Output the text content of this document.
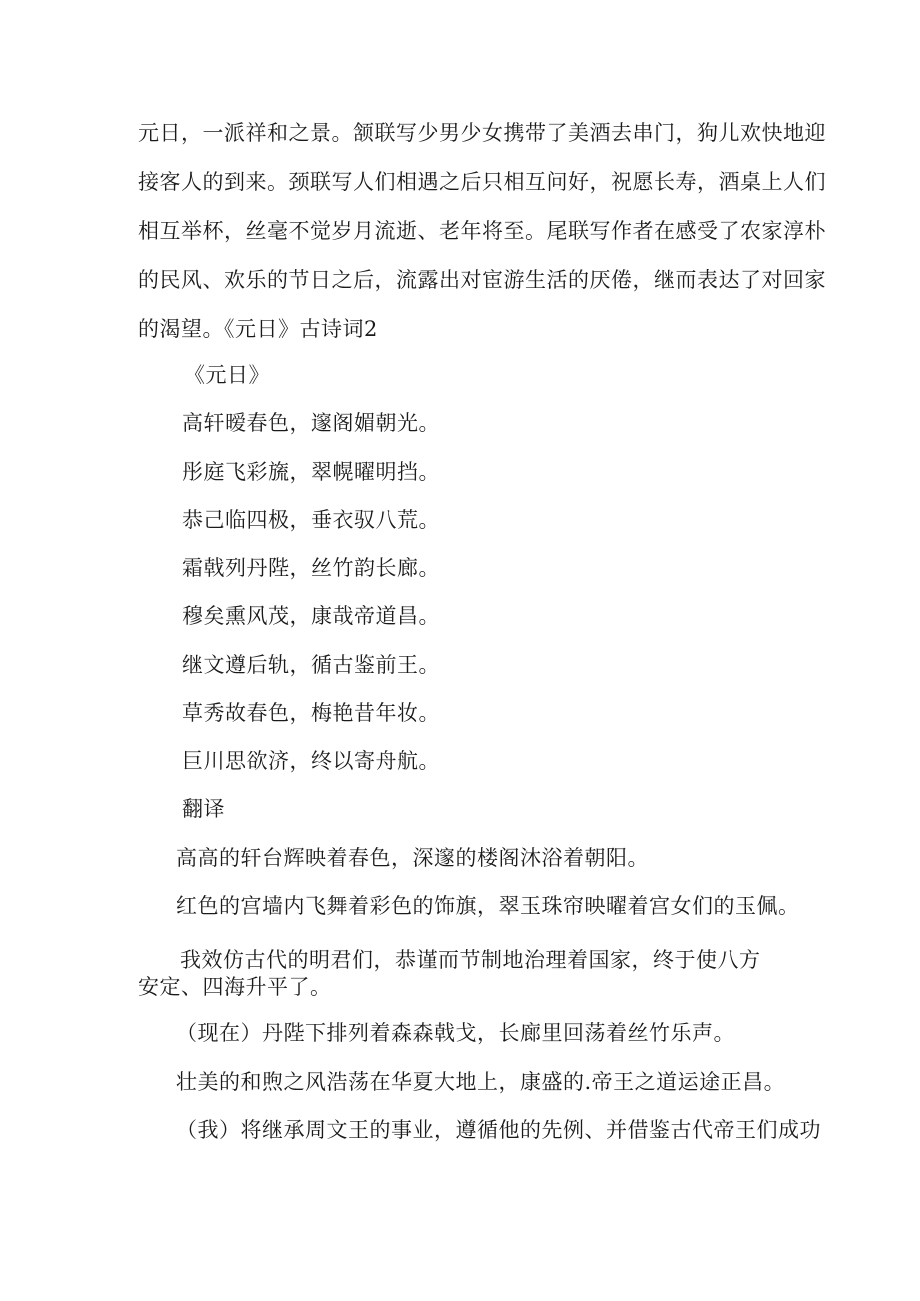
元日，一派祥和之景。颔联写少男少女携带了美酒去串门，狗儿欢快地迎

接客人的到来。颈联写人们相遇之后只相互问好，祝愿长寿，酒桌上人们

相互举杯，丝毫不觉岁月流逝、老年将至。尾联写作者在感受了农家淳朴

的民风、欢乐的节日之后，流露出对宦游生活的厌倦，继而表达了对回家

的渴望。《元日》古诗词2

《元日》

高轩暧春色，邃阁媚朝光。

彤庭飞彩旒，翠幌曜明挡。

恭己临四极，垂衣驭八荒。

霜戟列丹陛，丝竹韵长廊。

穆矣熏风茂，康哉帝道昌。

继文遵后轨，循古鉴前王。

草秀故春色，梅艳昔年妆。

巨川思欲济，终以寄舟航。

翻译

高高的轩台辉映着春色，深邃的楼阁沐浴着朝阳。

红色的宫墙内飞舞着彩色的饰旗，翠玉珠帘映曜着宫女们的玉佩。

我效仿古代的明君们，恭谨而节制地治理着国家，终于使八方

安定、四海升平了。

（现在）丹陛下排列着森森戟戈，长廊里回荡着丝竹乐声。

壮美的和煦之风浩荡在华夏大地上，康盛的.帝王之道运途正昌。

（我）将继承周文王的事业，遵循他的先例、并借鉴古代帝王们成功
